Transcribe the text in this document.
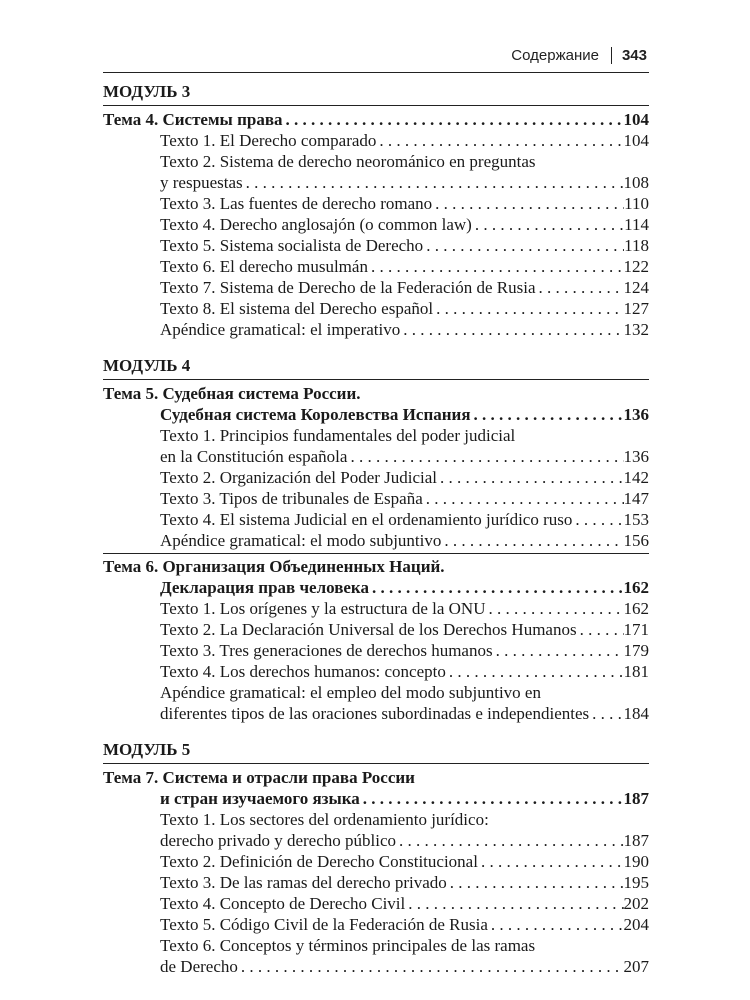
Содержание 343
МОДУЛЬ 3
Тема 4. Системы права . . .	104
Texto 1. El Derecho comparado . . .	104
Texto 2. Sistema de derecho neorománico en preguntas
y respuestas . . .	108
Texto 3. Las fuentes de derecho romano . . .	110
Texto 4. Derecho anglosajón (o common law) . . .	114
Texto 5. Sistema socialista de Derecho . . .	118
Texto 6. El derecho musulmán . . .	122
Texto 7. Sistema de Derecho de la Federación de Rusia . . .	124
Texto 8. El sistema del Derecho español . . .	127
Apéndice gramatical: el imperativo . . .	132
МОДУЛЬ 4
Тема 5. Судебная система России.
Судебная система Королевства Испания . . .	136
Texto 1. Principios fundamentales del poder judicial
en la Constitución española . . .	136
Texto 2. Organización del Poder Judicial . . .	142
Texto 3. Tipos de tribunales de España . . .	147
Texto 4. El sistema Judicial en el ordenamiento jurídico ruso . . .	153
Apéndice gramatical: el modo subjuntivo . . .	156
Тема 6. Организация Объединенных Наций.
Декларация прав человека . . .	162
Texto 1. Los orígenes y la estructura de la ONU . . .	162
Texto 2. La Declaración Universal de los Derechos Humanos . . .	171
Texto 3. Tres generaciones de derechos humanos . . .	179
Texto 4. Los derechos humanos: concepto . . .	181
Apéndice gramatical: el empleo del modo subjuntivo en
diferentes tipos de las oraciones subordinadas e independientes . . . 184
МОДУЛЬ 5
Тема 7. Система и отрасли права России
и стран изучаемого языка . . .	187
Texto 1. Los sectores del ordenamiento jurídico:
derecho privado y derecho público . . .	187
Texto 2. Definición de Derecho Constitucional . . .	190
Texto 3. De las ramas del derecho privado . . .	195
Texto 4. Concepto de Derecho Civil . . .	202
Texto 5. Código Civil de la Federación de Rusia . . .	204
Texto 6. Conceptos y términos principales de las ramas
de Derecho . . .	207
